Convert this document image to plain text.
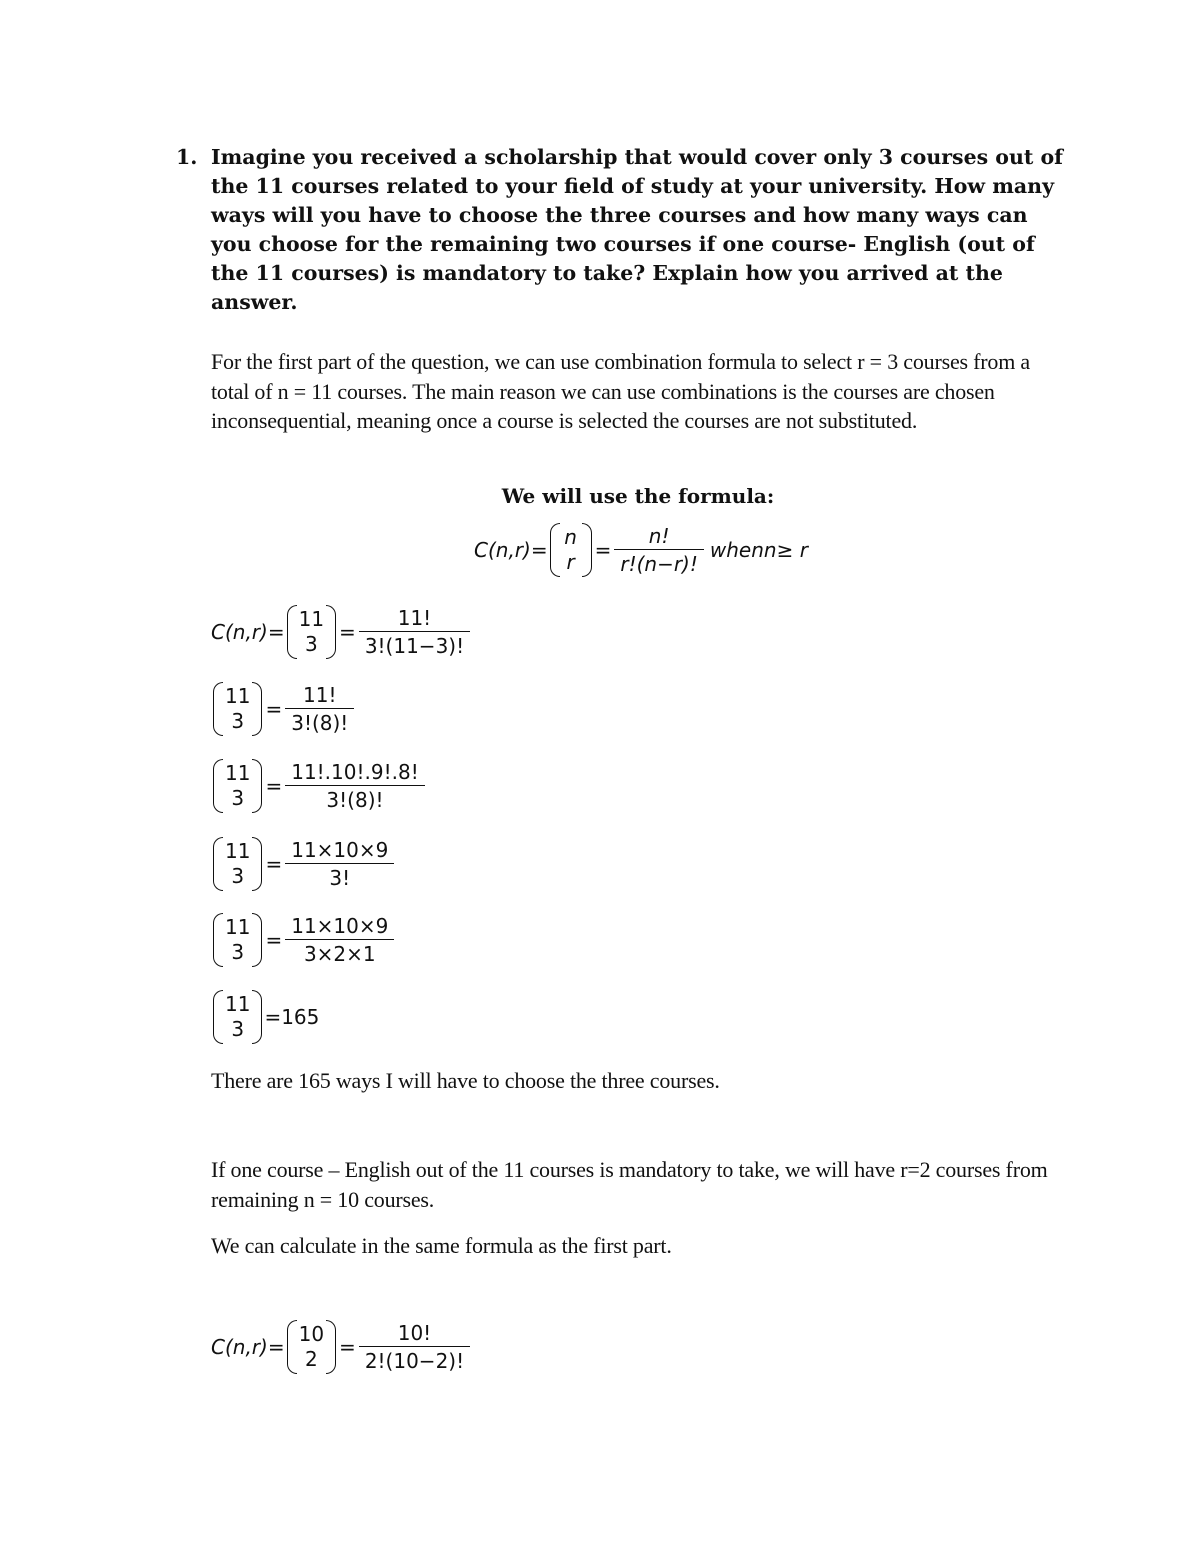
1. Imagine you received a scholarship that would cover only 3 courses out of the 11 courses related to your field of study at your university. How many ways will you have to choose the three courses and how many ways can you choose for the remaining two courses if one course- English (out of the 11 courses) is mandatory to take? Explain how you arrived at the answer.
For the first part of the question, we can use combination formula to select r = 3 courses from a total of n = 11 courses. The main reason we can use combinations is the courses are chosen inconsequential, meaning once a course is selected the courses are not substituted.
We will use the formula:
C(n,r)=
n
$r = \frac{n!}{r!(n-r)!}$ whenn≥ r
C(n,r)=
11
$3 = \frac{11!}{3!(11-3)!}$
11
$3 = \frac{11!}{3!(8)!}$
11
$3 = \frac{11!.10!.9!.8!}{3!(8)!}$
11
$3 = \frac{11\times 10\times 9}{3!}$
11
$3 = \frac{11\times 10\times 9}{3\times 2\times 1}$
11
3 =165
There are 165 ways I will have to choose the three courses.
If one course – English out of the 11 courses is mandatory to take, we will have r=2 courses from remaining n = 10 courses.
We can calculate in the same formula as the first part.
C(n,r)=
10
$2 = \frac{10!}{2!(10-2)!}$
